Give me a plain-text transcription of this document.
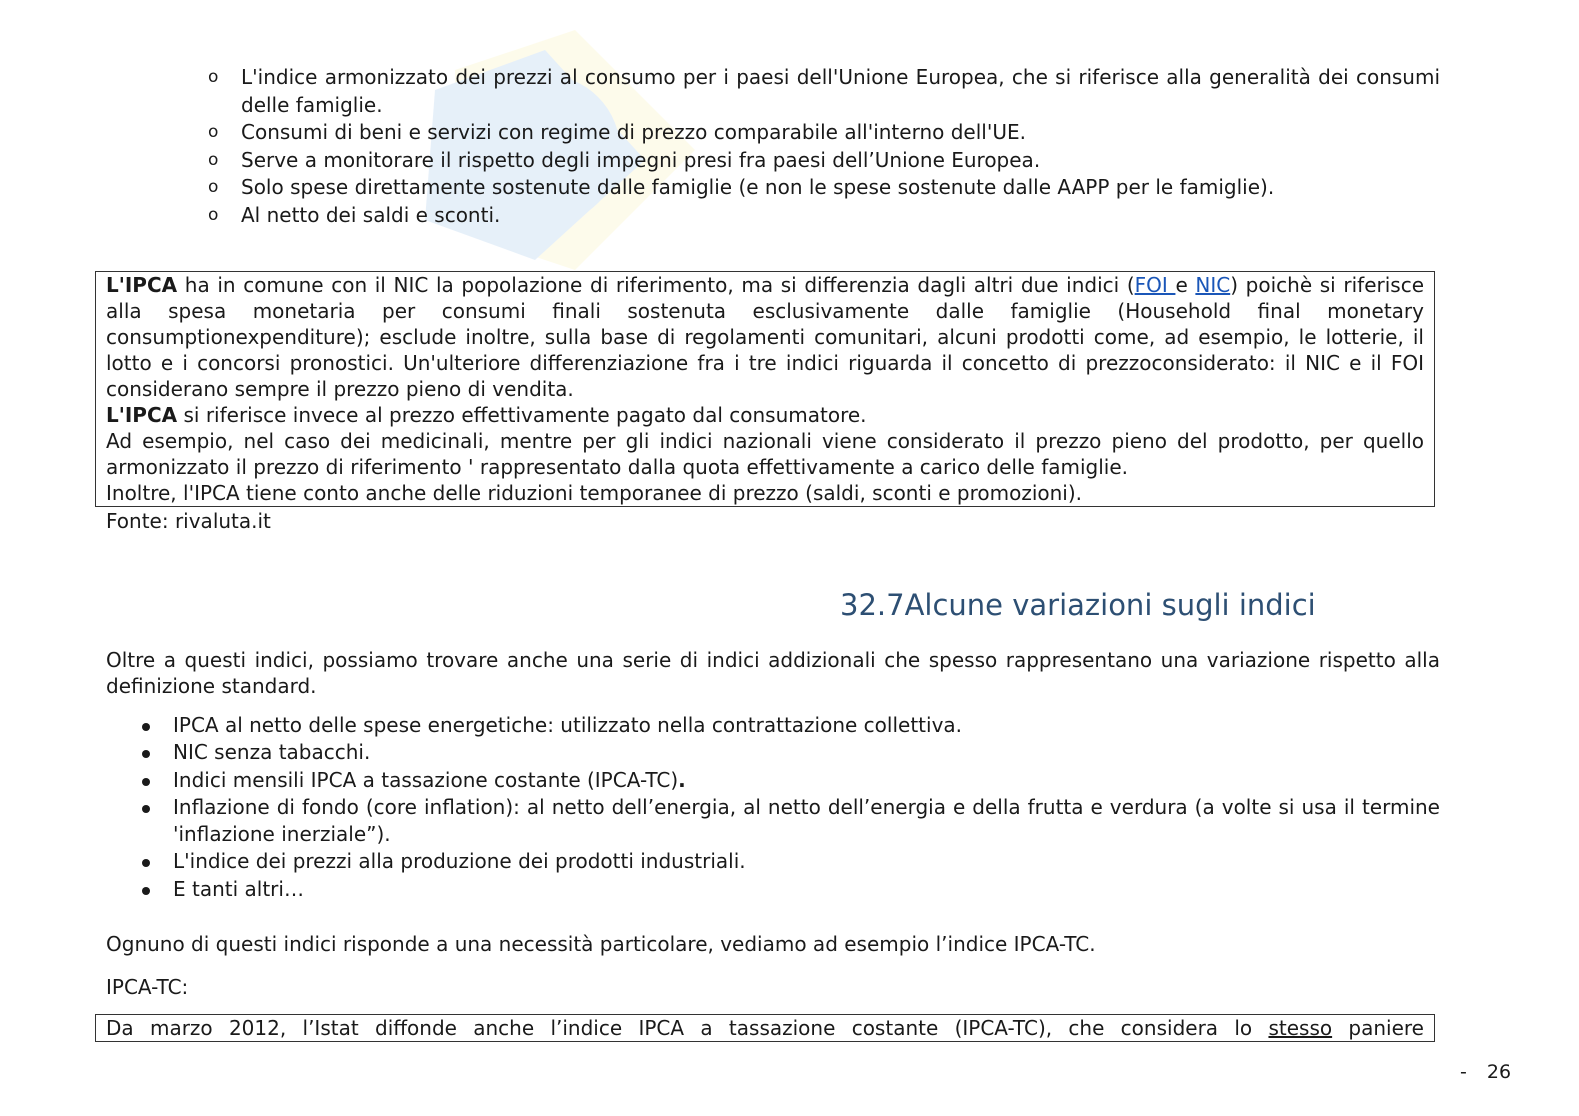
o L'indice armonizzato dei prezzi al consumo per i paesi dell'Unione Europea, che si riferisce alla generalità dei consumi delle famiglie.
o Consumi di beni e servizi con regime di prezzo comparabile all'interno dell'UE.
o Serve a monitorare il rispetto degli impegni presi fra paesi dell’Unione Europea.
o Solo spese direttamente sostenute dalle famiglie (e non le spese sostenute dalle AAPP per le famiglie).
o Al netto dei saldi e sconti.

L'IPCA ha in comune con il NIC la popolazione di riferimento, ma si differenzia dagli altri due indici (FOI e NIC) poichè si riferisce alla spesa monetaria per consumi finali sostenuta esclusivamente dalle famiglie (Household final monetary consumptionexpenditure); esclude inoltre, sulla base di regolamenti comunitari, alcuni prodotti come, ad esempio, le lotterie, il lotto e i concorsi pronostici. Un'ulteriore differenziazione fra i tre indici riguarda il concetto di prezzoconsiderato: il NIC e il FOI considerano sempre il prezzo pieno di vendita.

L'IPCA si riferisce invece al prezzo effettivamente pagato dal consumatore.

Ad esempio, nel caso dei medicinali, mentre per gli indici nazionali viene considerato il prezzo pieno del prodotto, per quello armonizzato il prezzo di riferimento ' rappresentato dalla quota effettivamente a carico delle famiglie.

Inoltre, l'IPCA tiene conto anche delle riduzioni temporanee di prezzo (saldi, sconti e promozioni).

Fonte: rivaluta.it
32.7Alcune variazioni sugli indici

Oltre a questi indici, possiamo trovare anche una serie di indici addizionali che spesso rappresentano una variazione rispetto alla definizione standard.

IPCA al netto delle spese energetiche: utilizzato nella contrattazione collettiva.
NIC senza tabacchi.
Indici mensili IPCA a tassazione costante (IPCA-TC).
Inflazione di fondo (core inflation): al netto dell’energia, al netto dell’energia e della frutta e verdura (a volte si usa il termine 'inflazione inerziale”).
L'indice dei prezzi alla produzione dei prodotti industriali.
E tanti altri…

Ognuno di questi indici risponde a una necessità particolare, vediamo ad esempio l’indice IPCA-TC.

IPCA-TC:

Da marzo 2012, l’Istat diffonde anche l’indice IPCA a tassazione costante (IPCA-TC), che considera lo stesso paniere
- 26
